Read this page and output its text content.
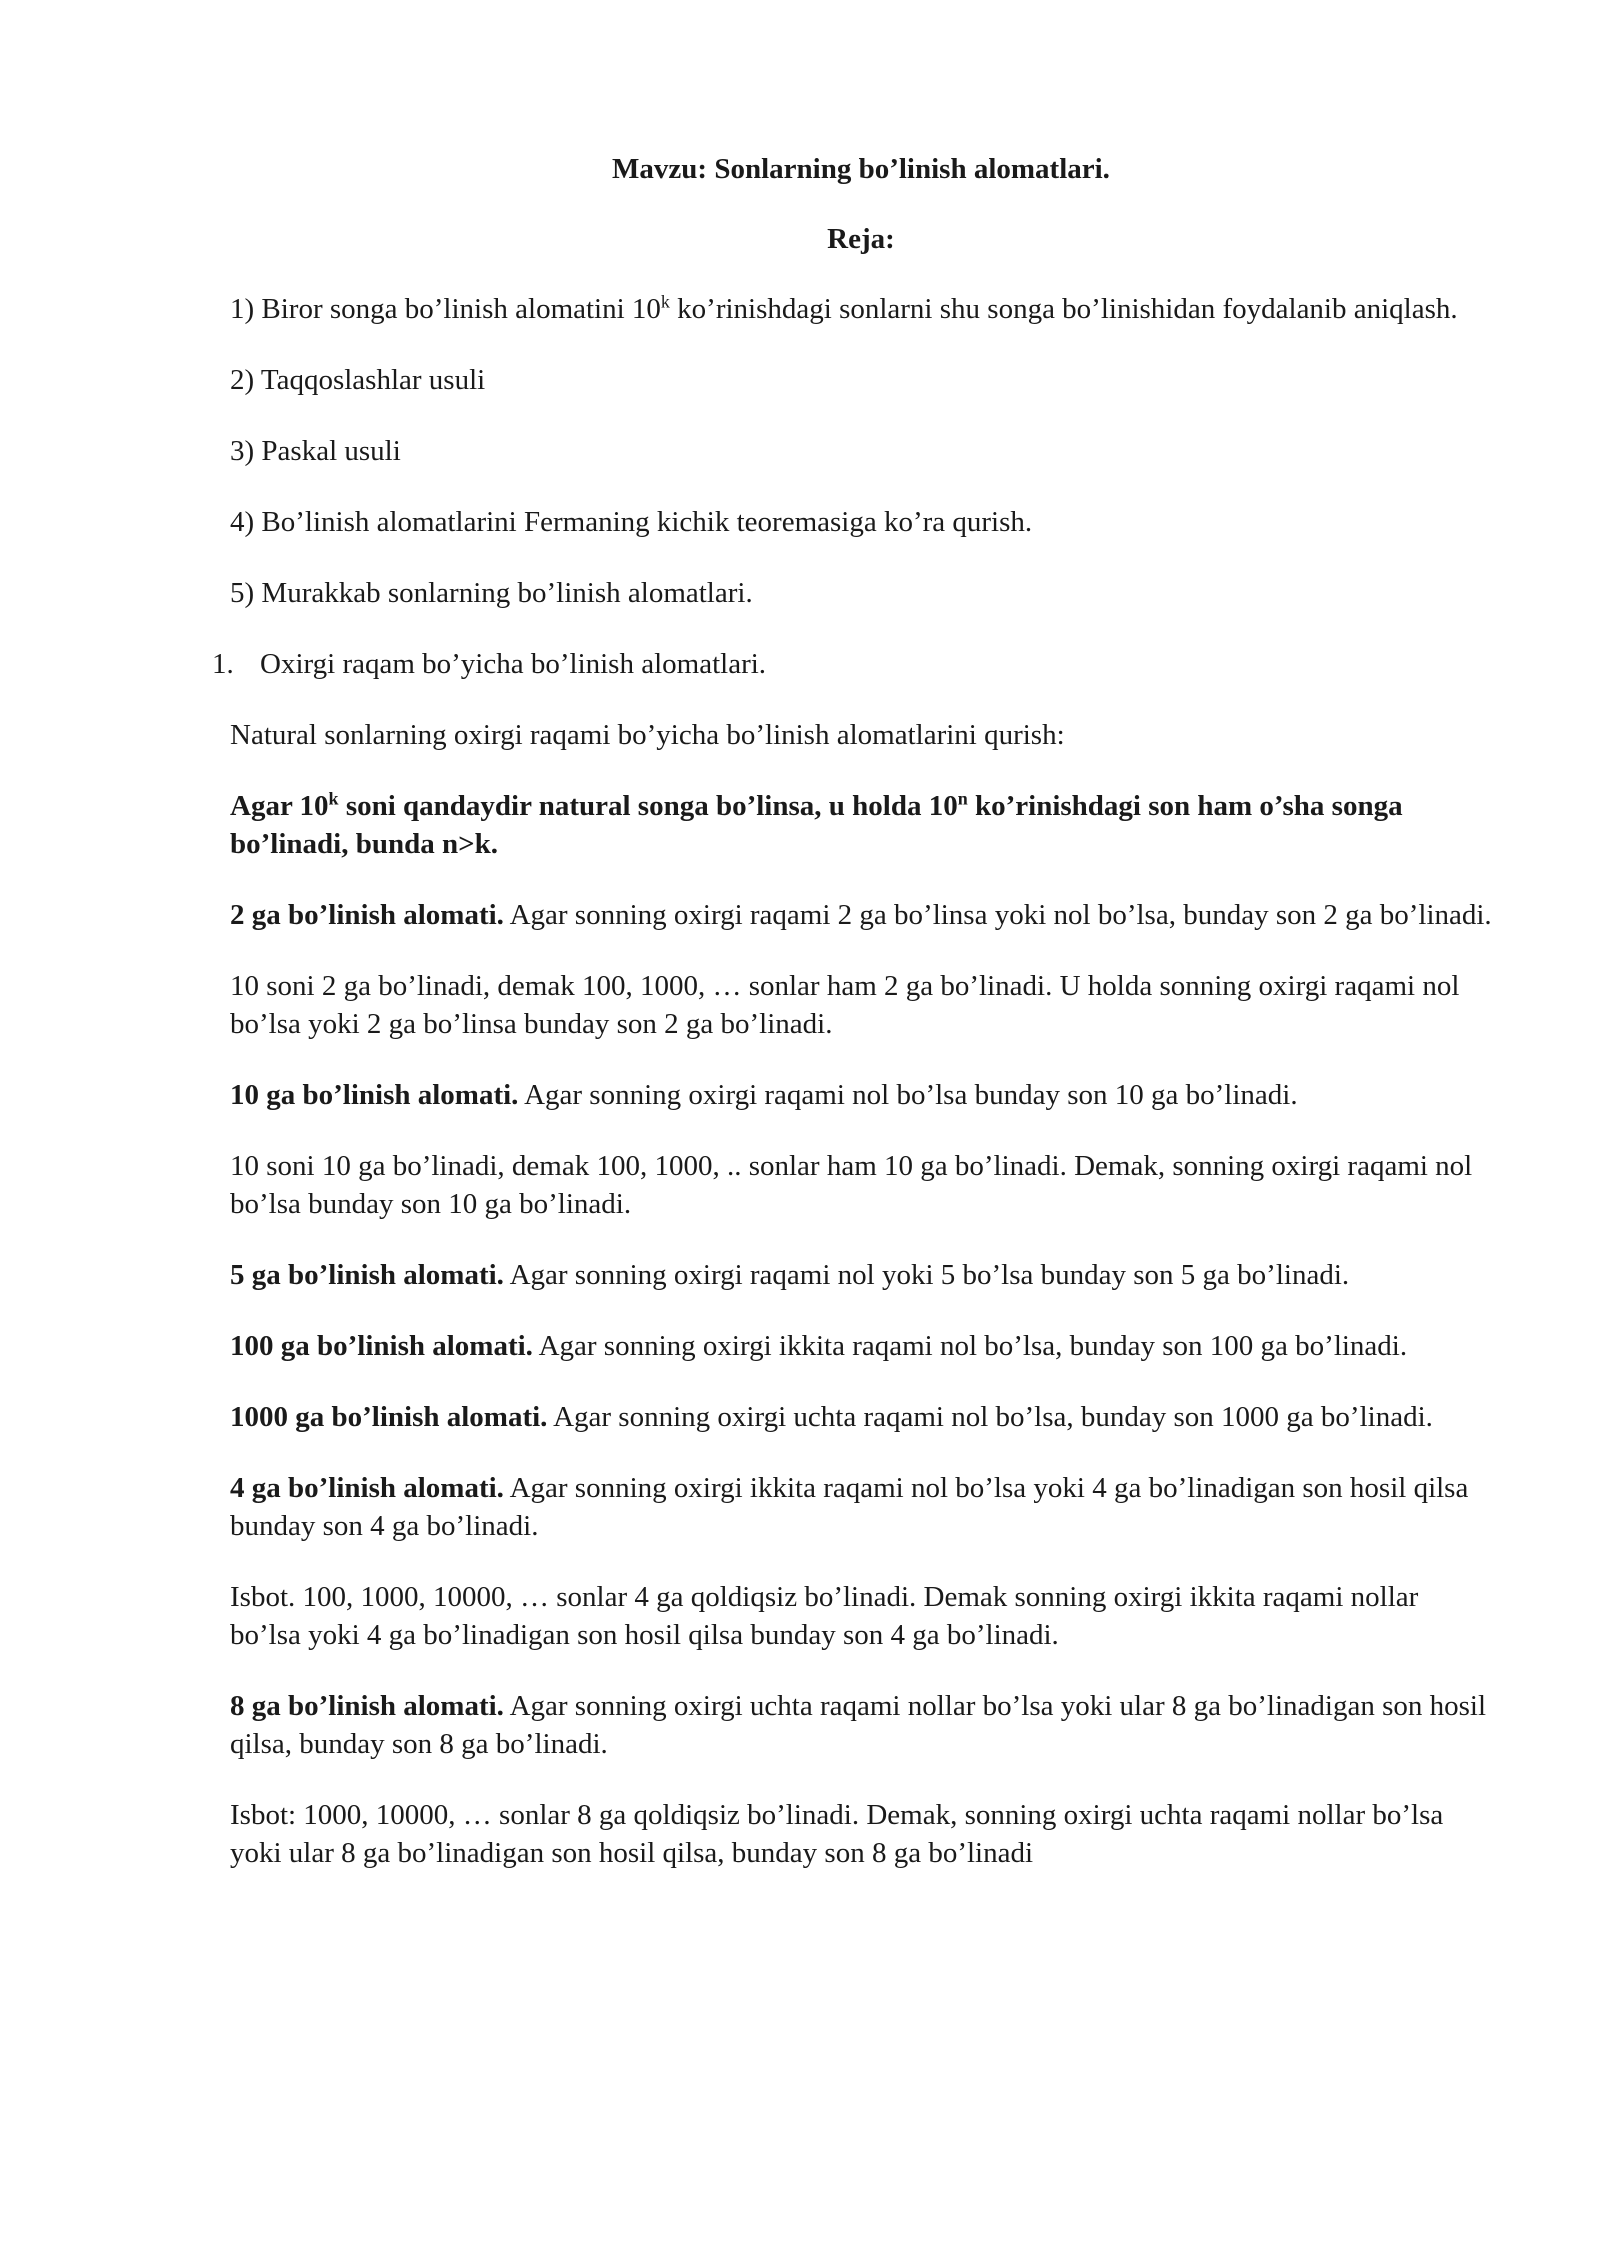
Mavzu: Sonlarning bo’linish alomatlari.
Reja:

1) Biror songa bo’linish alomatini 10$^k$ ko’rinishdagi sonlarni shu songa bo’linishidan foydalanib aniqlash.

2) Taqqoslashlar usuli

3) Paskal usuli

4) Bo’linish alomatlarini Fermaning kichik teoremasiga ko’ra qurish.

5) Murakkab sonlarning bo’linish alomatlari.

1. Oxirgi raqam bo’yicha bo’linish alomatlari.

Natural sonlarning oxirgi raqami bo’yicha bo’linish alomatlarini qurish:

Agar 10$^k$ soni qandaydir natural songa bo’linsa, u holda 10$^n$ ko’rinishdagi son ham o’sha songa bo’linadi, bunda n>k.

2 ga bo’linish alomati. Agar sonning oxirgi raqami 2 ga bo’linsa yoki nol bo’lsa, bunday son 2 ga bo’linadi.

10 soni 2 ga bo’linadi, demak 100, 1000, … sonlar ham 2 ga bo’linadi. U holda sonning oxirgi raqami nol bo’lsa yoki 2 ga bo’linsa bunday son 2 ga bo’linadi.

10 ga bo’linish alomati. Agar sonning oxirgi raqami nol bo’lsa bunday son 10 ga bo’linadi.

10 soni 10 ga bo’linadi, demak 100, 1000, .. sonlar ham 10 ga bo’linadi. Demak, sonning oxirgi raqami nol bo’lsa bunday son 10 ga bo’linadi.

5 ga bo’linish alomati. Agar sonning oxirgi raqami nol yoki 5 bo’lsa bunday son 5 ga bo’linadi.

100 ga bo’linish alomati. Agar sonning oxirgi ikkita raqami nol bo’lsa, bunday son 100 ga bo’linadi.

1000 ga bo’linish alomati. Agar sonning oxirgi uchta raqami nol bo’lsa, bunday son 1000 ga bo’linadi.

4 ga bo’linish alomati. Agar sonning oxirgi ikkita raqami nol bo’lsa yoki 4 ga bo’linadigan son hosil qilsa bunday son 4 ga bo’linadi.

Isbot. 100, 1000, 10000, … sonlar 4 ga qoldiqsiz bo’linadi. Demak sonning oxirgi ikkita raqami nollar bo’lsa yoki 4 ga bo’linadigan son hosil qilsa bunday son 4 ga bo’linadi.

8 ga bo’linish alomati. Agar sonning oxirgi uchta raqami nollar bo’lsa yoki ular 8 ga bo’linadigan son hosil qilsa, bunday son 8 ga bo’linadi.

Isbot: 1000, 10000, … sonlar 8 ga qoldiqsiz bo’linadi. Demak, sonning oxirgi uchta raqami nollar bo’lsa yoki ular 8 ga bo’linadigan son hosil qilsa, bunday son 8 ga bo’linadi
